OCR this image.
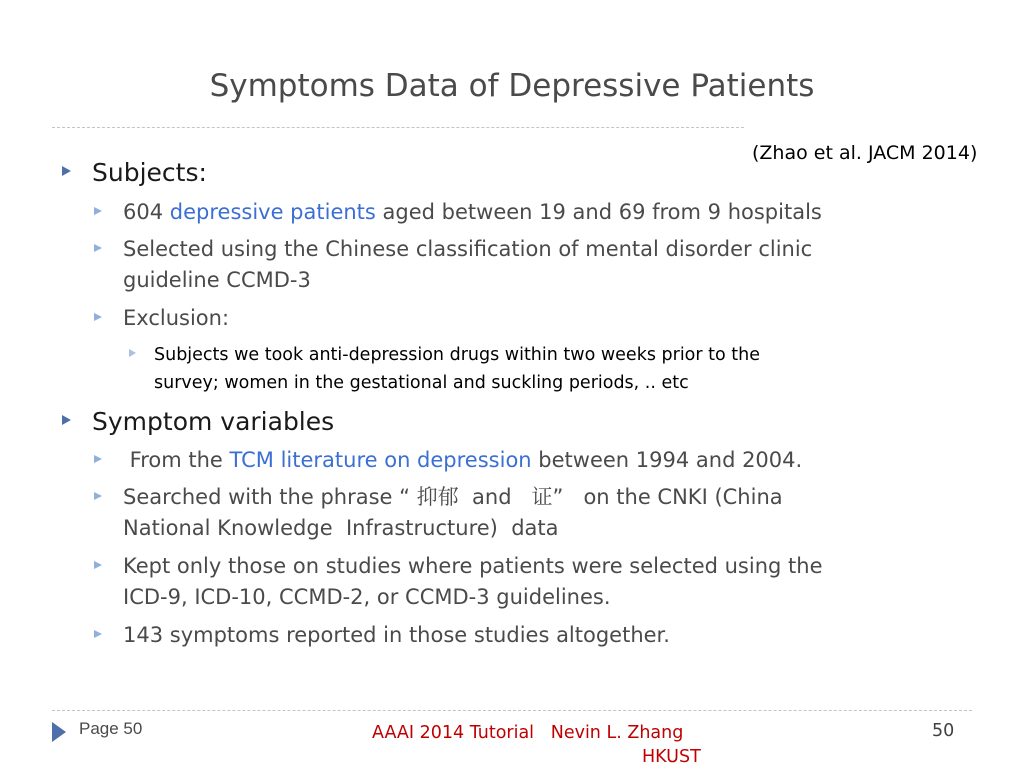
Symptoms Data of Depressive Patients
(Zhao et al. JACM 2014)
Subjects:
604 depressive patients aged between 19 and 69 from 9 hospitals
Selected using the Chinese classification of mental disorder clinic
guideline CCMD-3
Exclusion:
Subjects we took anti-depression drugs within two weeks prior to the
survey; women in the gestational and suckling periods, .. etc
Symptom variables
From the TCM literature on depression between 1994 and 2004.
Searched with the phrase “ 抑郁  and   证”   on the CNKI (China
National Knowledge  Infrastructure)  data
Kept only those on studies where patients were selected using the
ICD-9, ICD-10, CCMD-2, or CCMD-3 guidelines.
143 symptoms reported in those studies altogether.
Page 50	AAAI 2014 Tutorial   Nevin L. Zhang
HKUST
50
